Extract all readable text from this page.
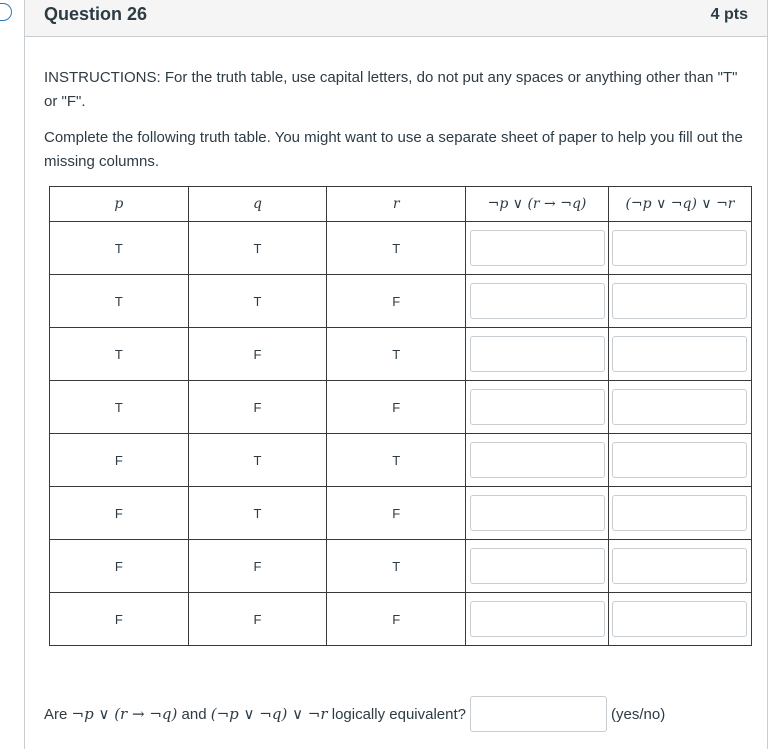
Question 26	4 pts

INSTRUCTIONS: For the truth table, use capital letters, do not put any spaces or anything other than "T" or "F".

Complete the following truth table. You might want to use a separate sheet of paper to help you fill out the missing columns.

p	q	r	¬p ∨ (r → ¬q)	(¬p ∨ ¬q) ∨ ¬r
T	T	T	

T	T	F	

T	F	T	

T	F	F	

F	T	T	

F	T	F	

F	F	T	

F	F	F	

Are
¬p ∨ (r → ¬q)
and
(¬p ∨ ¬q) ∨ ¬r
logically equivalent?	(yes/no)
